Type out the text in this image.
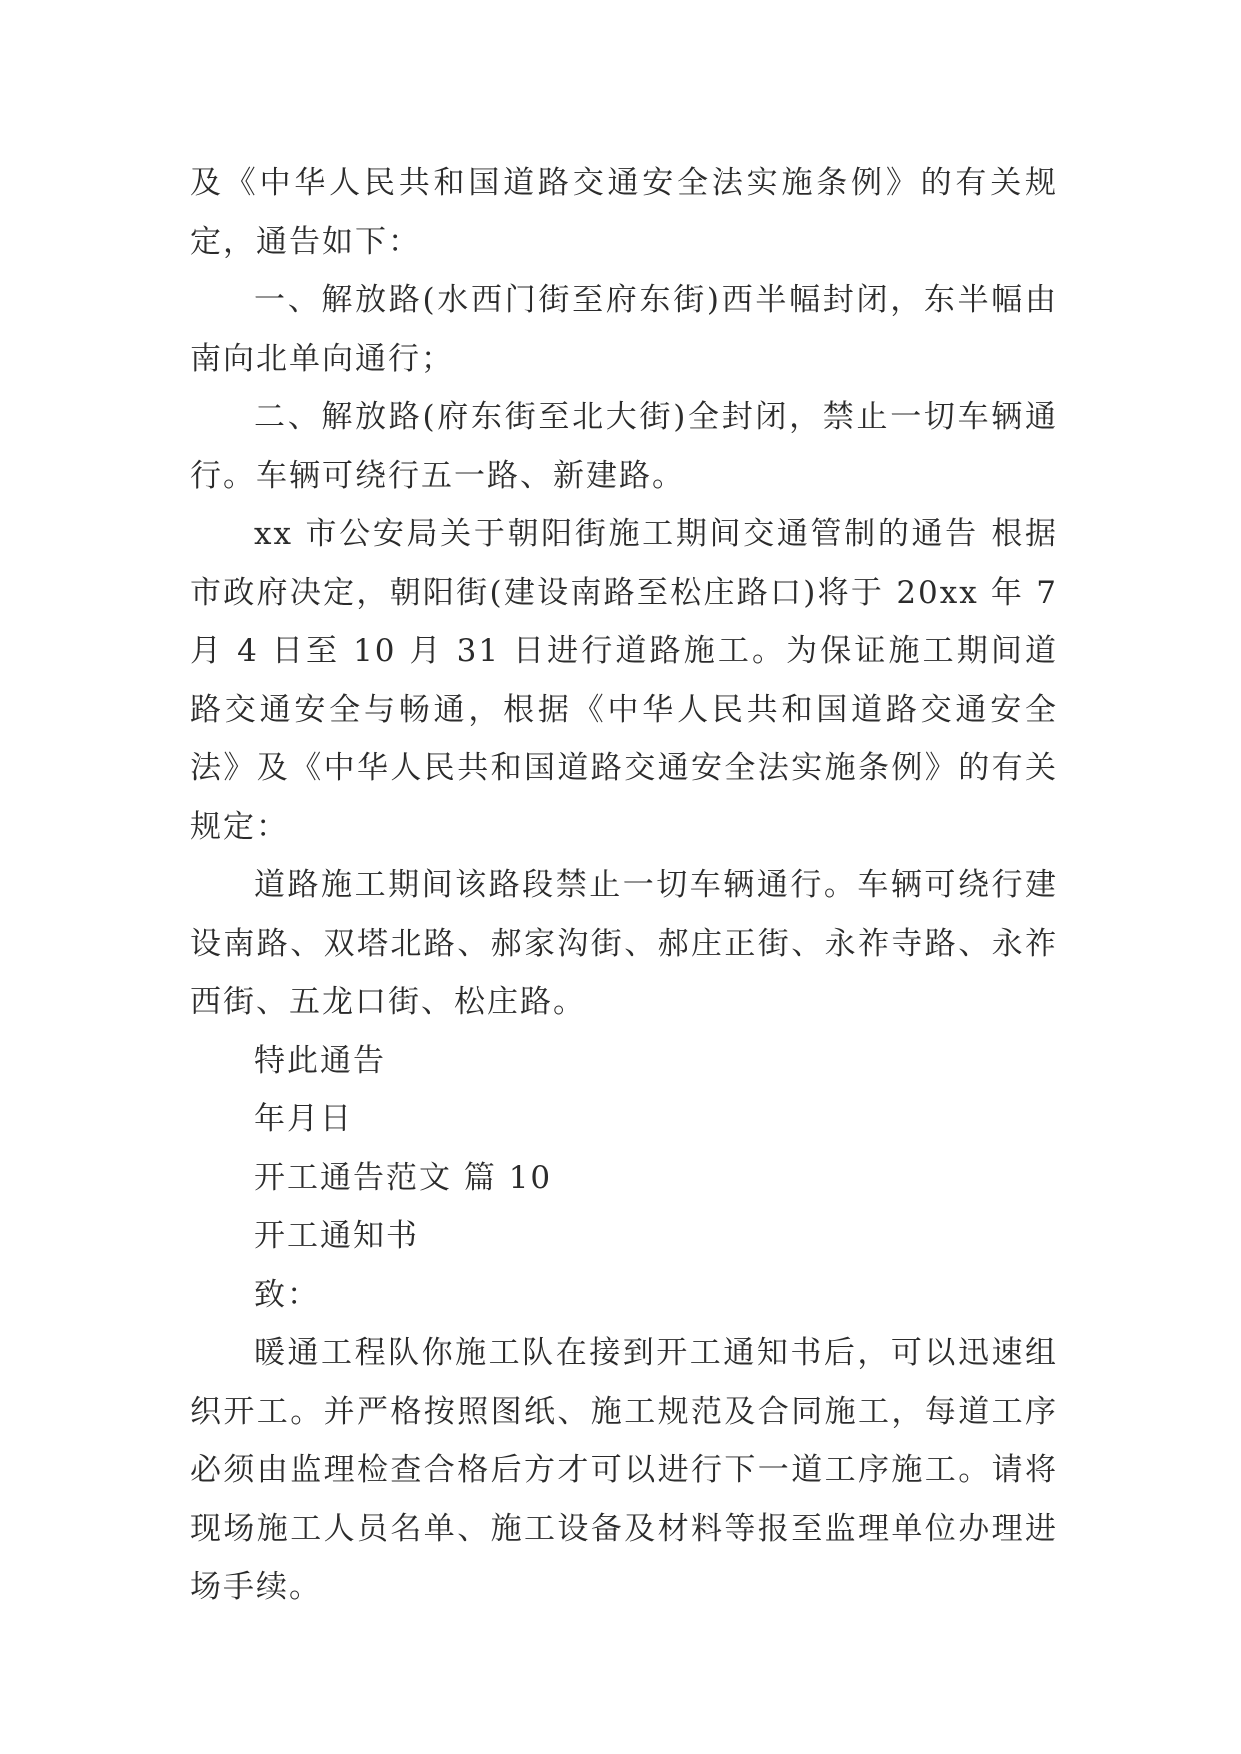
及《中华人民共和国道路交通安全法实施条例》的有关规定，通告如下：

一、解放路(水西门街至府东街)西半幅封闭，东半幅由南向北单向通行；

二、解放路(府东街至北大街)全封闭，禁止一切车辆通行。车辆可绕行五一路、新建路。

xx 市公安局关于朝阳街施工期间交通管制的通告 根据市政府决定，朝阳街(建设南路至松庄路口)将于 20xx 年 7 月 4 日至 10 月 31 日进行道路施工。为保证施工期间道路交通安全与畅通，根据《中华人民共和国道路交通安全法》及《中华人民共和国道路交通安全法实施条例》的有关规定：

道路施工期间该路段禁止一切车辆通行。车辆可绕行建设南路、双塔北路、郝家沟街、郝庄正街、永祚寺路、永祚西街、五龙口街、松庄路。

特此通告

年月日

开工通告范文 篇 10

开工通知书

致：

暖通工程队你施工队在接到开工通知书后，可以迅速组织开工。并严格按照图纸、施工规范及合同施工，每道工序必须由监理检查合格后方才可以进行下一道工序施工。请将现场施工人员名单、施工设备及材料等报至监理单位办理进场手续。
